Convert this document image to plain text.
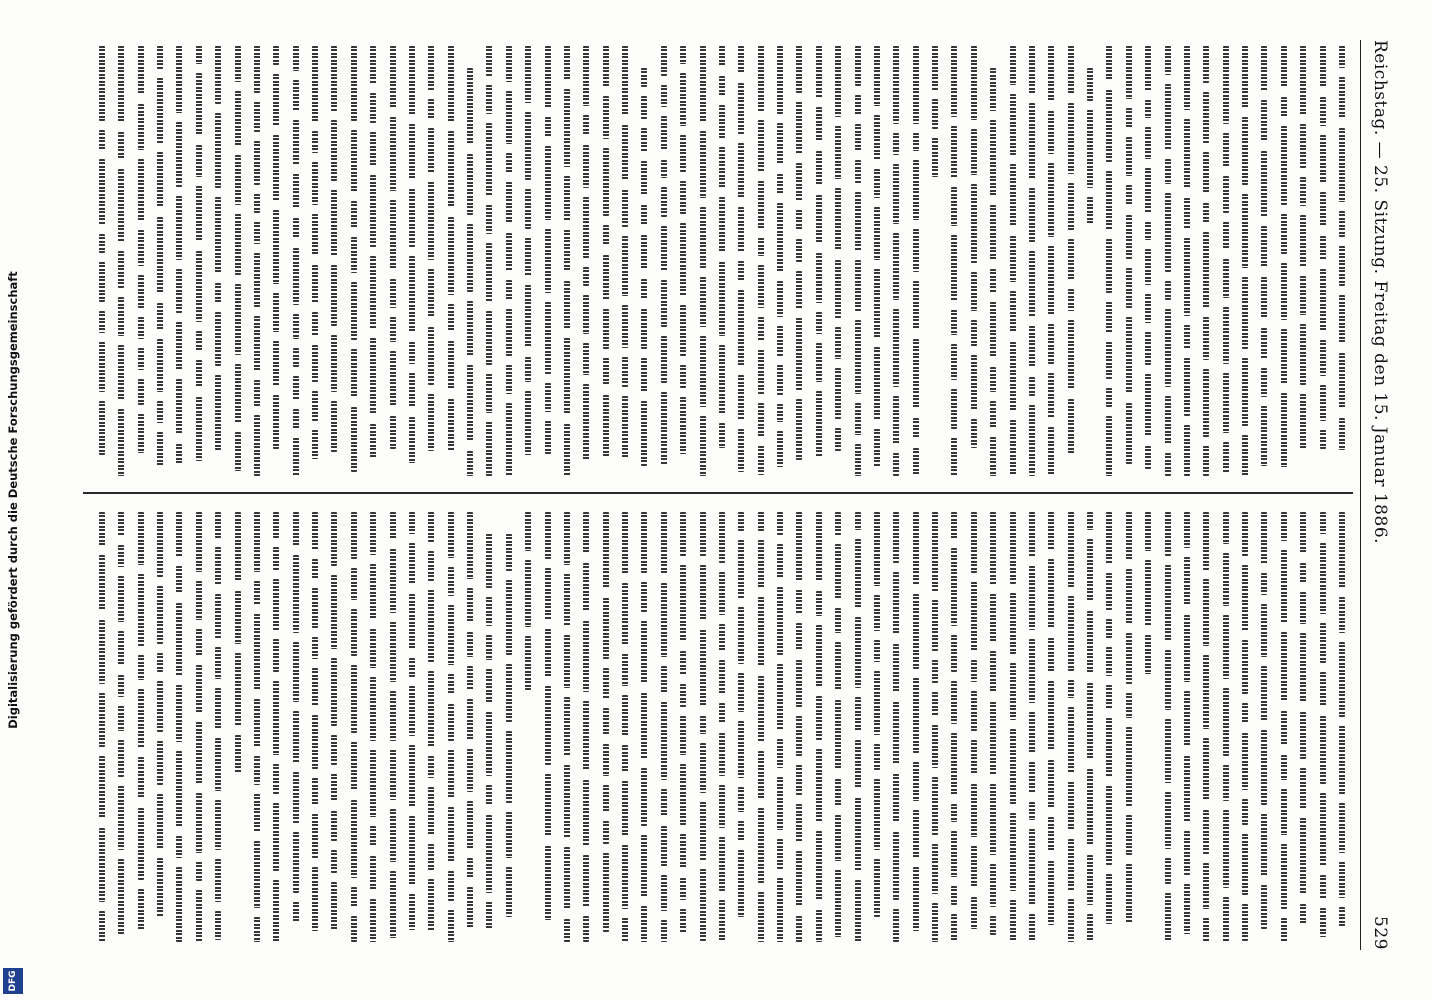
Digitalisierung gefördert durch die Deutsche Forschungsgemeinschaft
DFG
Reichstag. — 25. Sitzung. Freitag den 15. Januar 1886.
529
